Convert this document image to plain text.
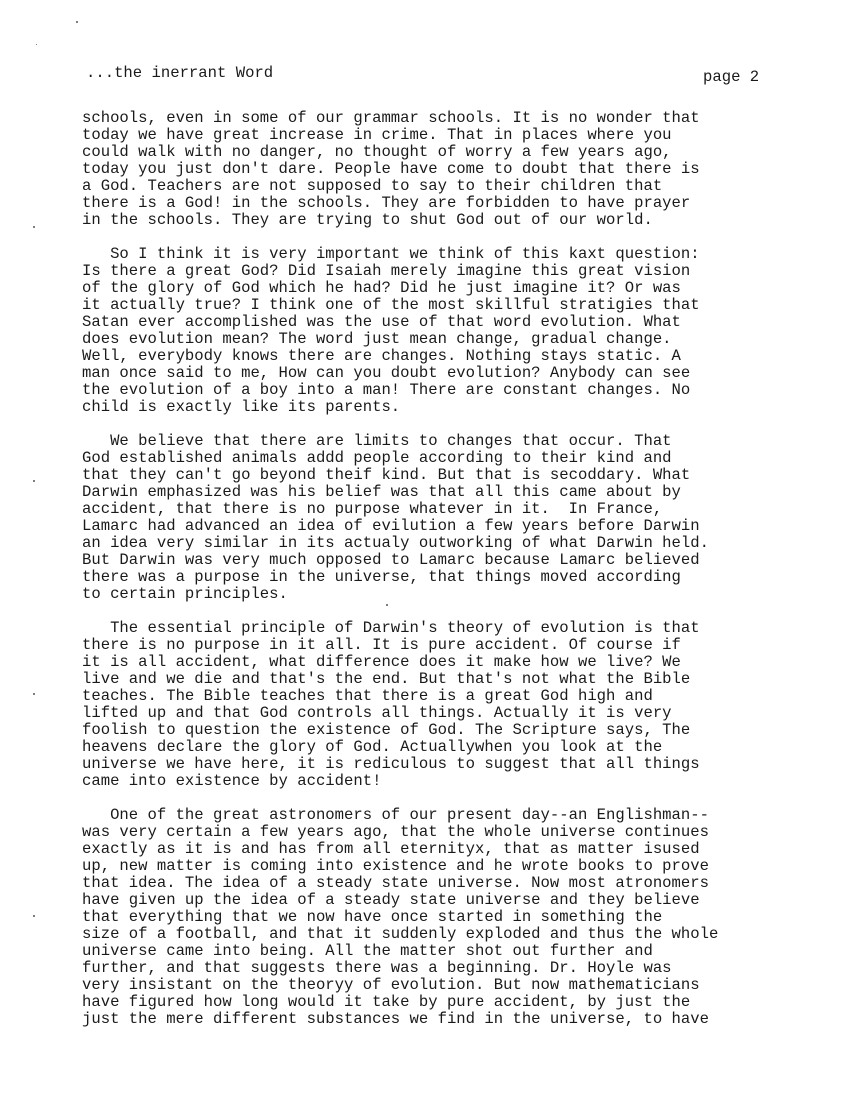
...the inerrant Word	page 2
schools, even in some of our grammar schools. It is no wonder that
today we have great increase in crime. That in places where you
could walk with no danger, no thought of worry a few years ago,
today you just don't dare. People have come to doubt that there is
a God. Teachers are not supposed to say to their children that
there is a God! in the schools. They are forbidden to have prayer
in the schools. They are trying to shut God out of our world.
So I think it is very important we think of this kaxt question:
Is there a great God? Did Isaiah merely imagine this great vision
of the glory of God which he had? Did he just imagine it? Or was
it actually true? I think one of the most skillful stratigies that
Satan ever accomplished was the use of that word evolution. What
does evolution mean? The word just mean change, gradual change.
Well, everybody knows there are changes. Nothing stays static. A
man once said to me, How can you doubt evolution? Anybody can see
the evolution of a boy into a man! There are constant changes. No
child is exactly like its parents.
We believe that there are limits to changes that occur. That
God established animals addd people according to their kind and
that they can't go beyond theif kind. But that is secoddary. What
Darwin emphasized was his belief was that all this came about by
accident, that there is no purpose whatever in it.  In France,
Lamarc had advanced an idea of evilution a few years before Darwin
an idea very similar in its actualy outworking of what Darwin held.
But Darwin was very much opposed to Lamarc because Lamarc believed
there was a purpose in the universe, that things moved according
to certain principles.
The essential principle of Darwin's theory of evolution is that
there is no purpose in it all. It is pure accident. Of course if
it is all accident, what difference does it make how we live? We
live and we die and that's the end. But that's not what the Bible
teaches. The Bible teaches that there is a great God high and
lifted up and that God controls all things. Actually it is very
foolish to question the existence of God. The Scripture says, The
heavens declare the glory of God. Actuallywhen you look at the
universe we have here, it is rediculous to suggest that all things
came into existence by accident!
One of the great astronomers of our present day--an Englishman--
was very certain a few years ago, that the whole universe continues
exactly as it is and has from all eternityx, that as matter isused
up, new matter is coming into existence and he wrote books to prove
that idea. The idea of a steady state universe. Now most atronomers
have given up the idea of a steady state universe and they believe
that everything that we now have once started in something the
size of a football, and that it suddenly exploded and thus the whole
universe came into being. All the matter shot out further and
further, and that suggests there was a beginning. Dr. Hoyle was
very insistant on the theoryy of evolution. But now mathematicians
have figured how long would it take by pure accident, by just the
just the mere different substances we find in the universe, to have
